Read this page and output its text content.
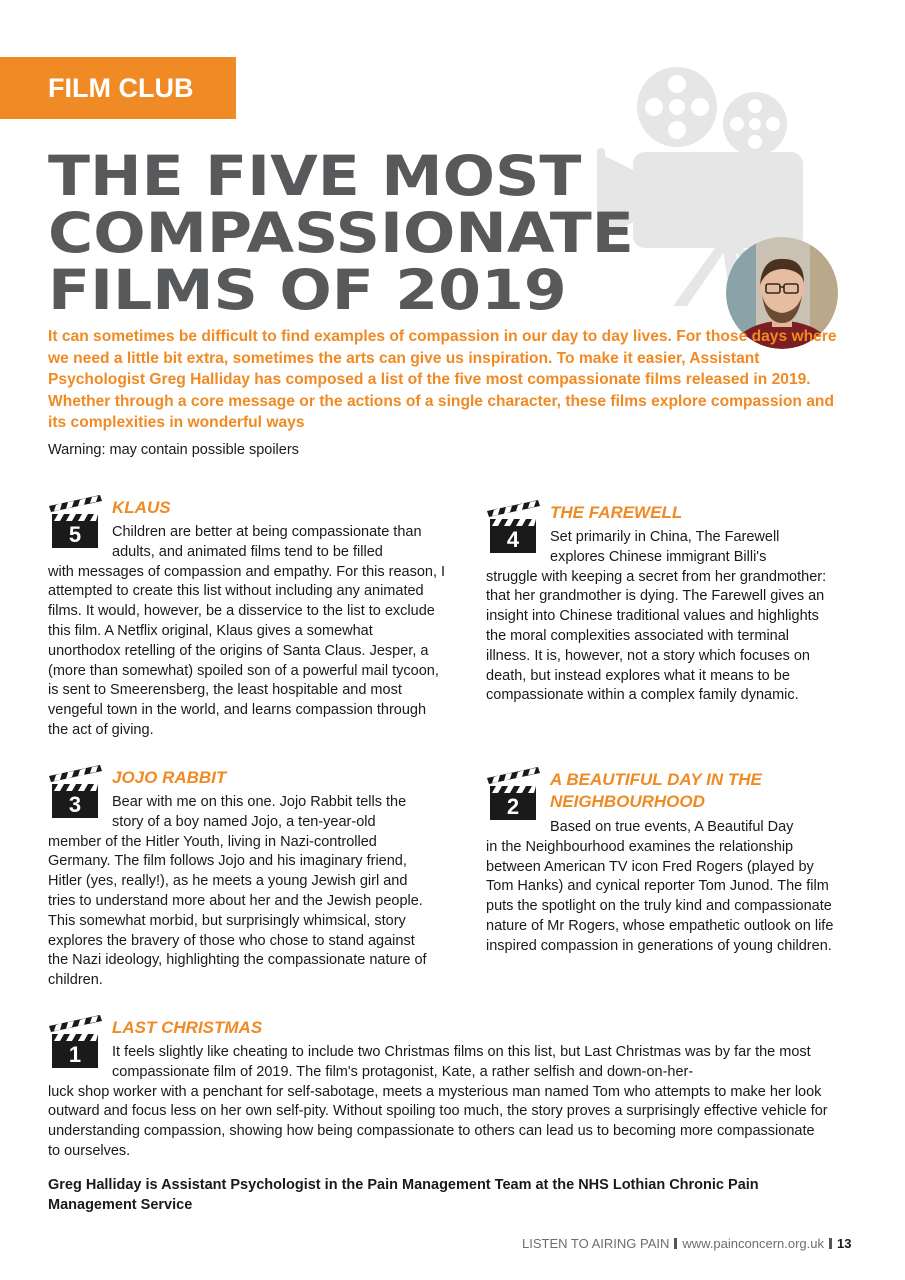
FILM CLUB
THE FIVE MOST
COMPASSIONATE
FILMS OF 2019

It can sometimes be difficult to find examples of compassion in our day to day lives. For those days where we need a little bit extra, sometimes the arts can give us inspiration. To make it easier, Assistant Psychologist Greg Halliday has composed a list of the five most compassionate films released in 2019. Whether through a core message or the actions of a single character, these films explore compassion and its complexities in wonderful ways

Warning: may contain possible spoilers

5

KLAUS

Children are better at being compassionate than adults, and animated films tend to be filled
with messages of compassion and empathy. For this reason, I attempted to create this list without including any animated films. It would, however, be a disservice to the list to exclude this film. A Netflix original, Klaus gives a somewhat unorthodox retelling of the origins of Santa Claus. Jesper, a (more than somewhat) spoiled son of a powerful mail tycoon, is sent to Smeerensberg, the least hospitable and most vengeful town in the world, and learns compassion through the act of giving.

4

THE FAREWELL

Set primarily in China, The Farewell explores Chinese immigrant Billi's
struggle with keeping a secret from her grandmother: that her grandmother is dying. The Farewell gives an insight into Chinese traditional values and highlights the moral complexities associated with terminal illness. It is, however, not a story which focuses on death, but instead explores what it means to be compassionate within a complex family dynamic.

3

JOJO RABBIT

Bear with me on this one. Jojo Rabbit tells the story of a boy named Jojo, a ten-year-old
member of the Hitler Youth, living in Nazi-controlled Germany. The film follows Jojo and his imaginary friend, Hitler (yes, really!), as he meets a young Jewish girl and tries to understand more about her and the Jewish people. This somewhat morbid, but surprisingly whimsical, story explores the bravery of those who chose to stand against the Nazi ideology, highlighting the compassionate nature of children.

2

A BEAUTIFUL DAY IN THE NEIGHBOURHOOD

Based on true events, A Beautiful Day
in the Neighbourhood examines the relationship between American TV icon Fred Rogers (played by Tom Hanks) and cynical reporter Tom Junod. The film puts the spotlight on the truly kind and compassionate nature of Mr Rogers, whose empathetic outlook on life inspired compassion in generations of young children.

1

LAST CHRISTMAS

It feels slightly like cheating to include two Christmas films on this list, but Last Christmas was by far the most compassionate film of 2019. The film's protagonist, Kate, a rather selfish and down-on-her-
luck shop worker with a penchant for self-sabotage, meets a mysterious man named Tom who attempts to make her look outward and focus less on her own self-pity. Without spoiling too much, the story proves a surprisingly effective vehicle for understanding compassion, showing how being compassionate to others can lead us to becoming more compassionate to ourselves.

Greg Halliday is Assistant Psychologist in the Pain Management Team at the NHS Lothian Chronic Pain Management Service

LISTEN TO AIRING PAIN www.painconcern.org.uk 13
